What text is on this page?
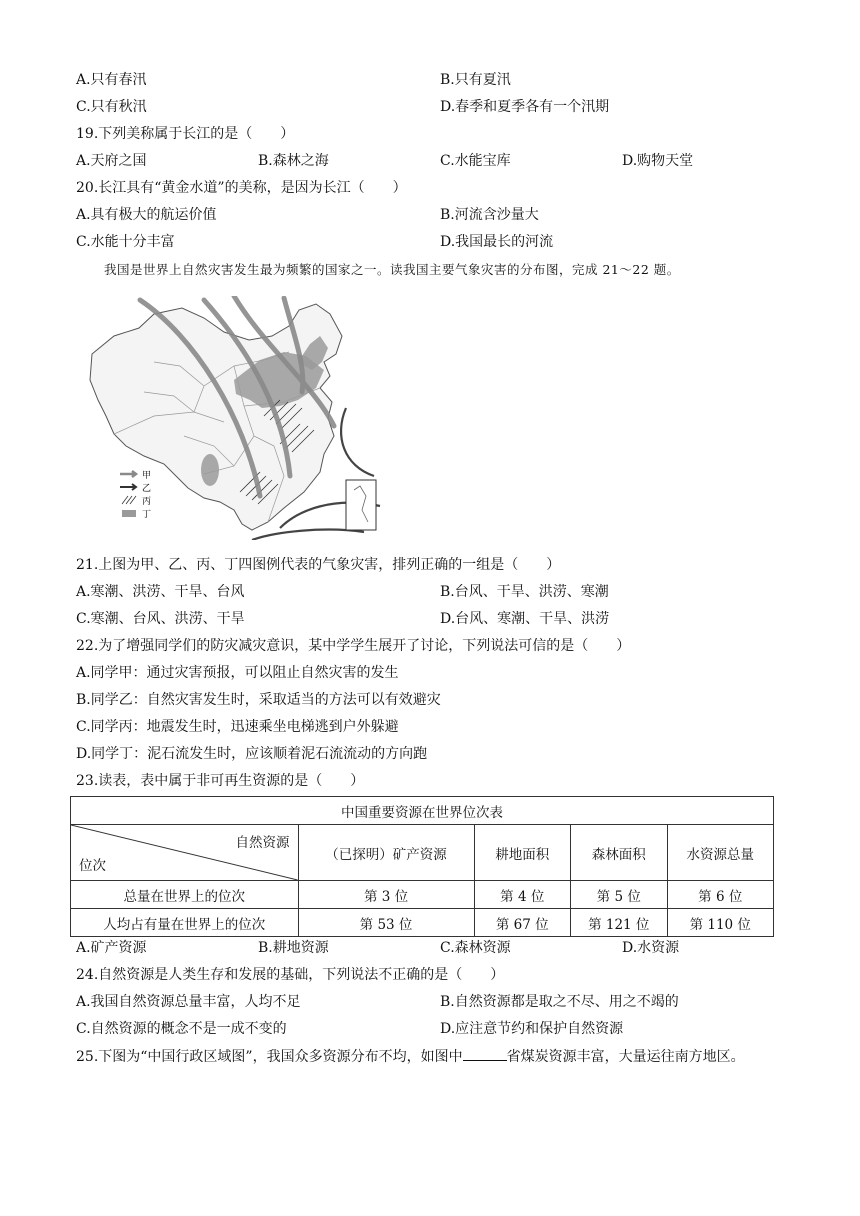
A.只有春汛	B.只有夏汛
C.只有秋汛	D.春季和夏季各有一个汛期
19.下列美称属于长江的是（　　）
A.天府之国	B.森林之海	C.水能宝库	D.购物天堂
20.长江具有“黄金水道”的美称，是因为长江（　　）
A.具有极大的航运价值	B.河流含沙量大
C.水能十分丰富	D.我国最长的河流
我国是世界上自然灾害发生最为频繁的国家之一。读我国主要气象灾害的分布图，完成 21～22 题。
甲
乙
丙
丁
21.上图为甲、乙、丙、丁四图例代表的气象灾害，排列正确的一组是（　　）
A.寒潮、洪涝、干旱、台风	B.台风、干旱、洪涝、寒潮
C.寒潮、台风、洪涝、干旱	D.台风、寒潮、干旱、洪涝
22.为了增强同学们的防灾减灾意识，某中学学生展开了讨论，下列说法可信的是（　　）
A.同学甲：通过灾害预报，可以阻止自然灾害的发生
B.同学乙：自然灾害发生时，采取适当的方法可以有效避灾
C.同学丙：地震发生时，迅速乘坐电梯逃到户外躲避
D.同学丁：泥石流发生时，应该顺着泥石流流动的方向跑
23.读表，表中属于非可再生资源的是（　　）
中国重要资源在世界位次表				

自然资源
位次	（已探明）矿产资源	耕地面积	森林面积	水资源总量
总量在世界上的位次	第 3 位	第 4 位	第 5 位	第 6 位
人均占有量在世界上的位次	第 53 位	第 67 位	第 121 位	第 110 位
A.矿产资源	B.耕地资源	C.森林资源	D.水资源
24.自然资源是人类生存和发展的基础，下列说法不正确的是（　　）
A.我国自然资源总量丰富，人均不足	B.自然资源都是取之不尽、用之不竭的
C.自然资源的概念不是一成不变的	D.应注意节约和保护自然资源
25.下图为“中国行政区域图”，我国众多资源分布不均，如图中	省煤炭资源丰富，大量运往南方地区。
